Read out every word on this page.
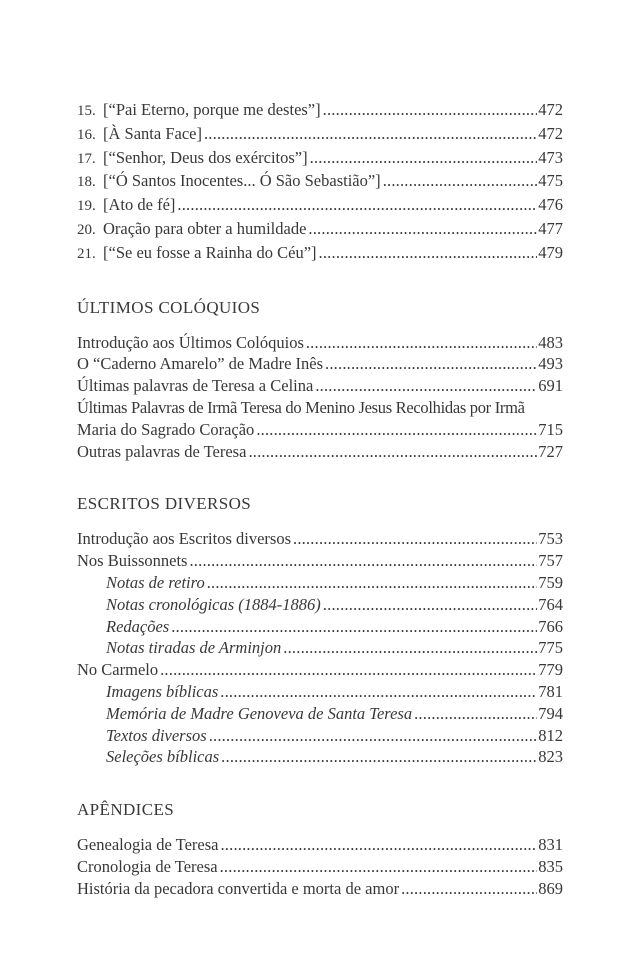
15. [“Pai Eterno, porque me destes”] .....	472
16. [À Santa Face] .....	472
17. [“Senhor, Deus dos exércitos”] .....	473
18. [“Ó Santos Inocentes... Ó São Sebastião”] .....	475
19. [Ato de fé] .....	476
20. Oração para obter a humildade .....	477
21. [“Se eu fosse a Rainha do Céu”] .....	479
ÚLTIMOS COLÓQUIOS
Introdução aos Últimos Colóquios .....	483
O “Caderno Amarelo” de Madre Inês .....	493
Últimas palavras de Teresa a Celina .....	691
Últimas Palavras de Irmã Teresa do Menino Jesus Recolhidas por Irmã
Maria do Sagrado Coração .....	715
Outras palavras de Teresa .....	727
ESCRITOS DIVERSOS
Introdução aos Escritos diversos .....	753
Nos Buissonnets .....	757
Notas de retiro .....	759
Notas cronológicas (1884-1886) .....	764
Redações .....	766
Notas tiradas de Arminjon .....	775
No Carmelo .....	779
Imagens bíblicas .....	781
Memória de Madre Genoveva de Santa Teresa .....	794
Textos diversos .....	812
Seleções bíblicas .....	823
APÊNDICES
Genealogia de Teresa .....	831
Cronologia de Teresa .....	835
História da pecadora convertida e morta de amor .....	869
